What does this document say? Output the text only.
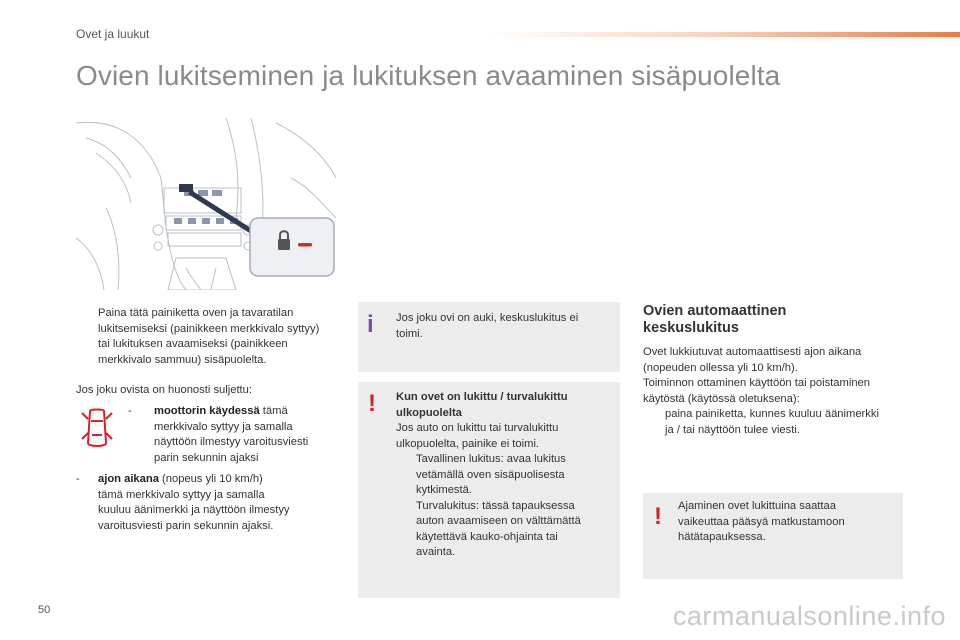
Ovet ja luukut
Ovien lukitseminen ja lukituksen avaaminen sisäpuolelta
Paina tätä painiketta oven ja tavaratilan
lukitsemiseksi (painikkeen merkkivalo syttyy)
tai lukituksen avaamiseksi (painikkeen
merkkivalo sammuu) sisäpuolelta.
Jos joku ovista on huonosti suljettu:
-	moottorin käydessä tämä
merkkivalo syttyy ja samalla
näyttöön ilmestyy varoitusviesti
parin sekunnin ajaksi
-	ajon aikana (nopeus yli 10 km/h)
tämä merkkivalo syttyy ja samalla
kuuluu äänimerkki ja näyttöön ilmestyy
varoitusviesti parin sekunnin ajaksi.
i Jos joku ovi on auki, keskuslukitus ei
toimi.
! Kun ovet on lukittu / turvalukittu
ulkopuolelta
Jos auto on lukittu tai turvalukittu
ulkopuolelta, painike ei toimi.
Tavallinen lukitus: avaa lukitus
vetämällä oven sisäpuolisesta
kytkimestä.
Turvalukitus: tässä tapauksessa
auton avaamiseen on välttämättä
käytettävä kauko-ohjainta tai
avainta.
Ovien automaattinen
keskuslukitus
Ovet lukkiutuvat automaattisesti ajon aikana
(nopeuden ollessa yli 10 km/h).
Toiminnon ottaminen käyttöön tai poistaminen
käytöstä (käytössä oletuksena):
paina painiketta, kunnes kuuluu äänimerkki
ja / tai näyttöön tulee viesti.
! Ajaminen ovet lukittuina saattaa
vaikeuttaa pääsyä matkustamoon
hätätapauksessa.
50	carmanualsonline.info
